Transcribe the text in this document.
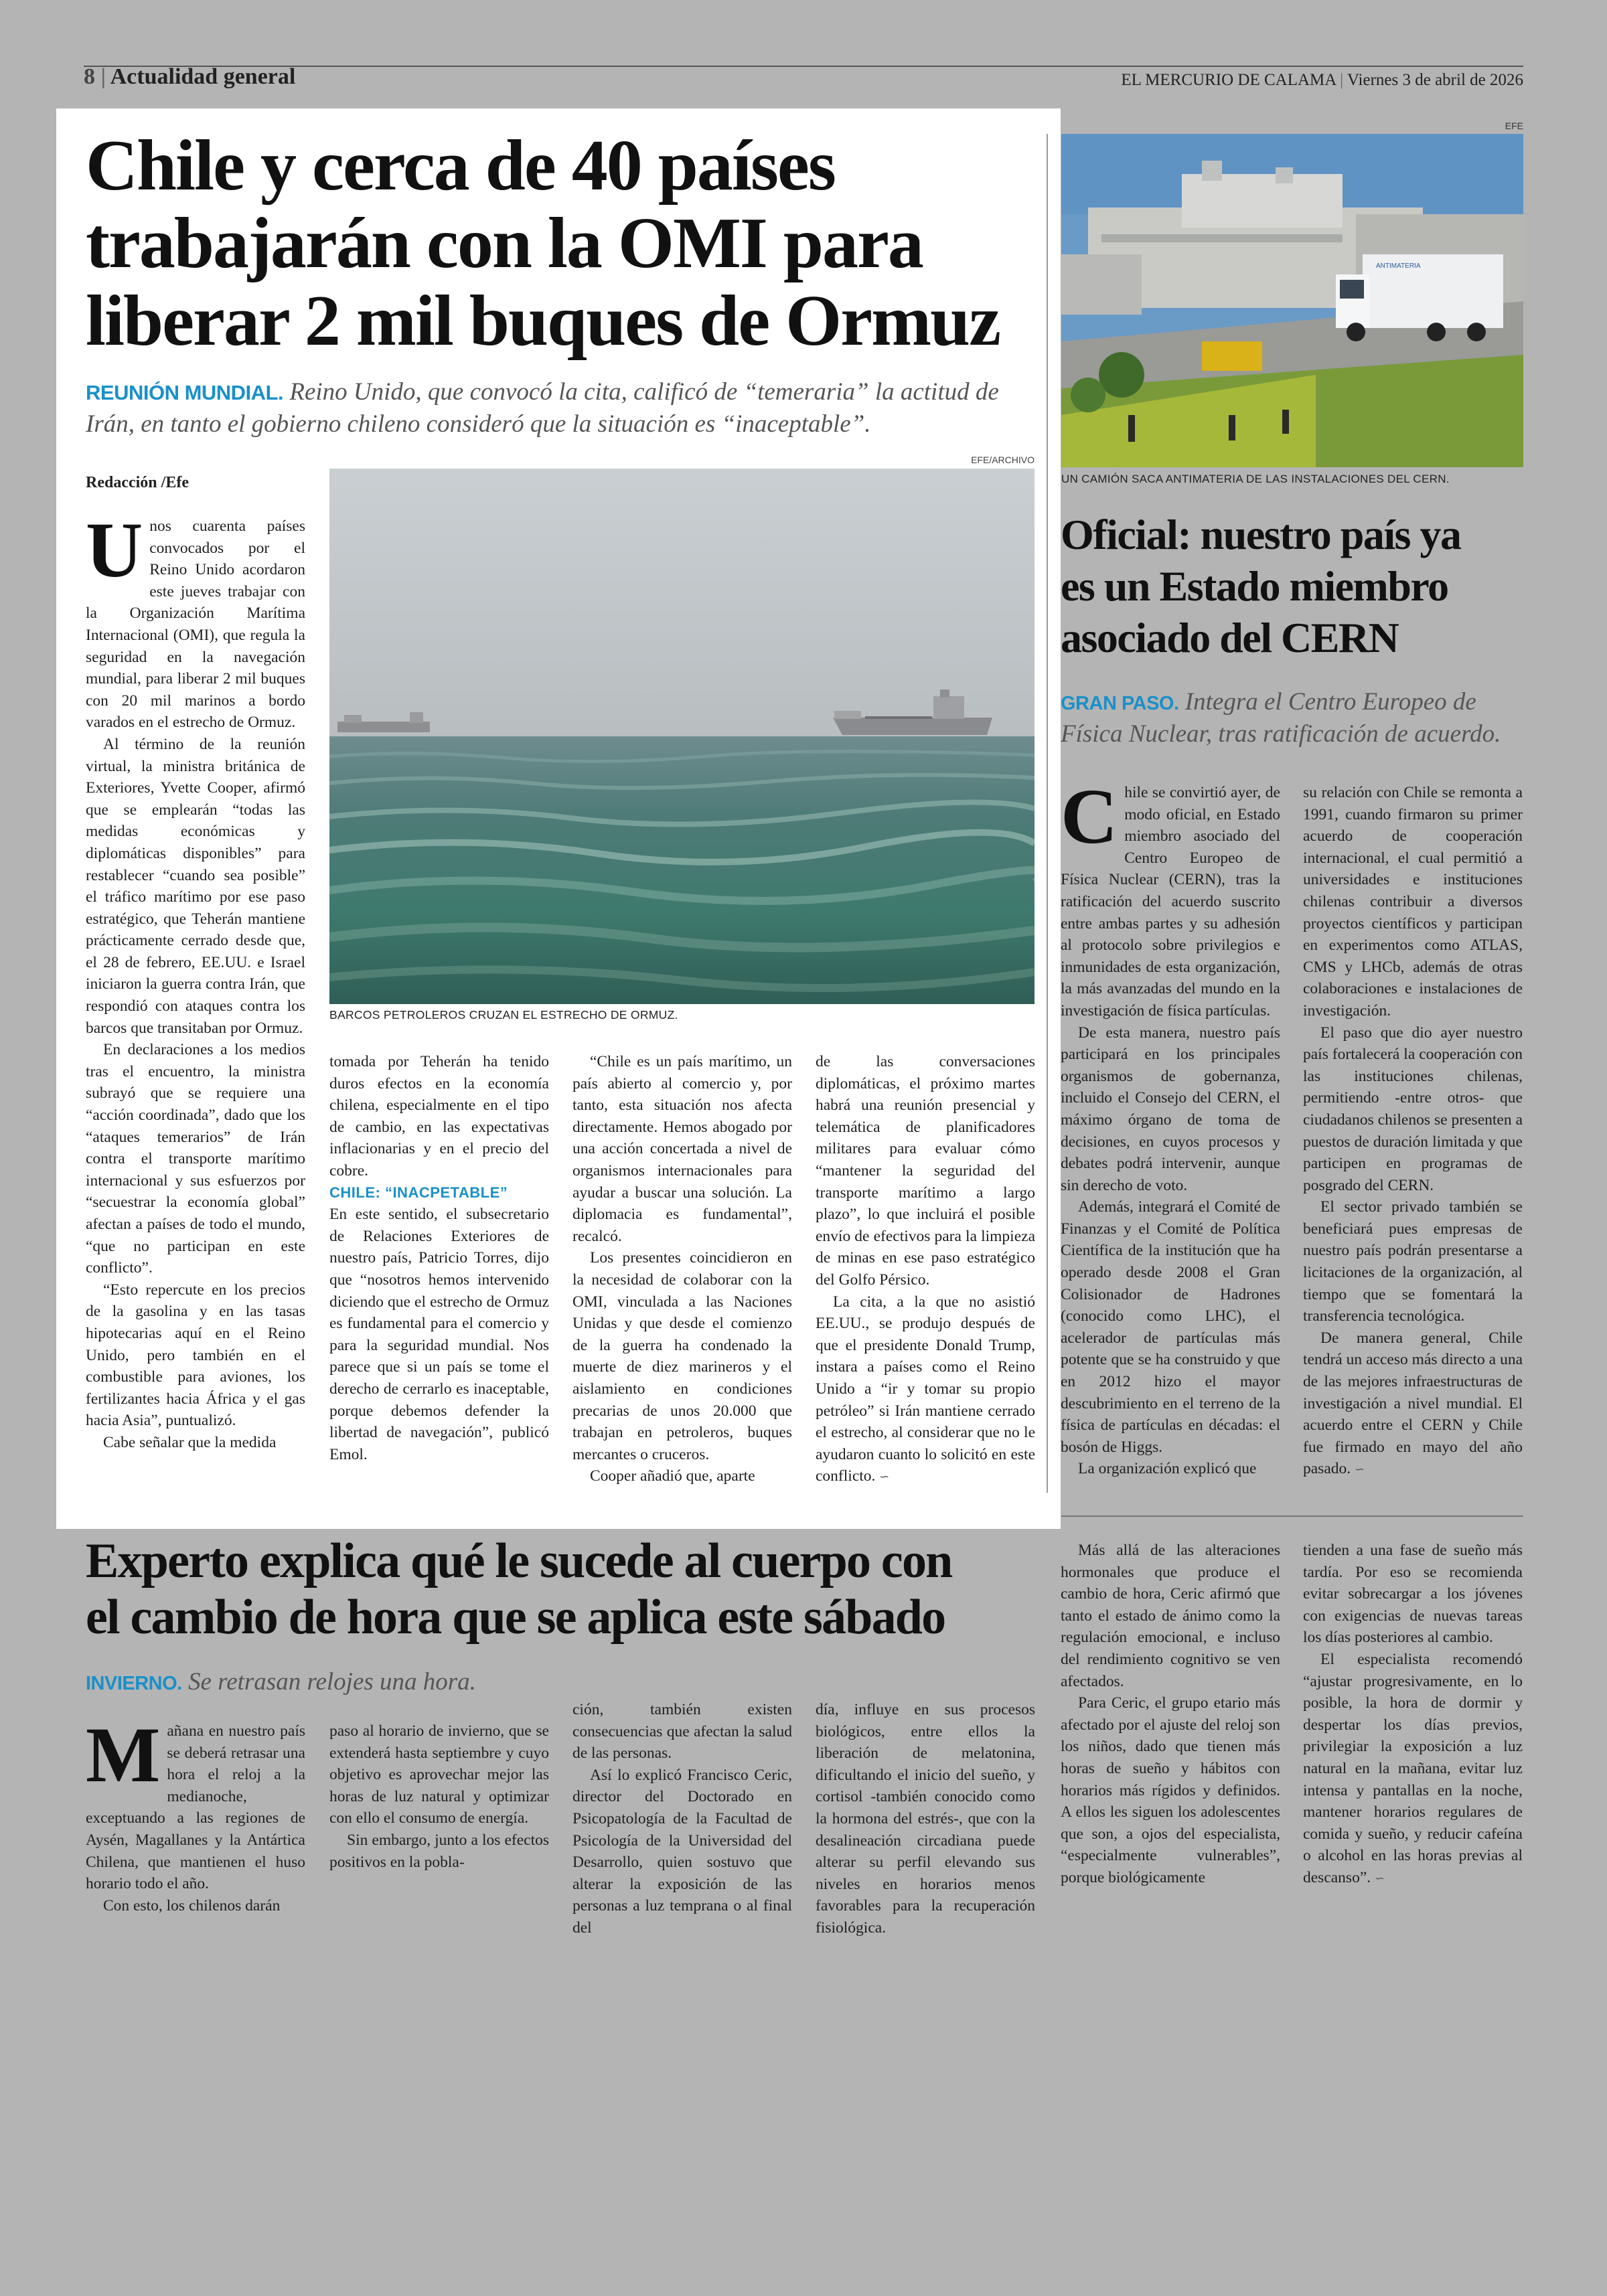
8 | Actualidad general	EL MERCURIO DE CALAMA | Viernes 3 de abril de 2026
Chile y cerca de 40 países
trabajarán con la OMI para
liberar 2 mil buques de Ormuz
REUNIÓN MUNDIAL. Reino Unido, que convocó la cita, calificó de “temeraria” la actitud de Irán, en tanto el gobierno chileno consideró que la situación es “inaceptable”.
Redacción /Efe
EFE/ARCHIVO
BARCOS PETROLEROS CRUZAN EL ESTRECHO DE ORMUZ.

Unos cuarenta países convocados por el Reino Unido acordaron este jueves trabajar con la Organización Marítima Internacional (OMI), que regula la seguridad en la navegación mundial, para liberar 2 mil buques con 20 mil marinos a bordo varados en el estrecho de Ormuz.

Al término de la reunión virtual, la ministra británica de Exteriores, Yvette Cooper, afirmó que se emplearán “todas las medidas económicas y diplomáticas disponibles” para restablecer “cuando sea posible” el tráfico marítimo por ese paso estratégico, que Teherán mantiene prácticamente cerrado desde que, el 28 de febrero, EE.UU. e Israel iniciaron la guerra contra Irán, que respondió con ataques contra los barcos que transitaban por Ormuz.

En declaraciones a los medios tras el encuentro, la ministra subrayó que se requiere una “acción coordinada”, dado que los “ataques temerarios” de Irán contra el transporte marítimo internacional y sus esfuerzos por “secuestrar la economía global” afectan a países de todo el mundo, “que no participan en este conflicto”.

“Esto repercute en los precios de la gasolina y en las tasas hipotecarias aquí en el Reino Unido, pero también en el combustible para aviones, los fertilizantes hacia África y el gas hacia Asia”, puntualizó.

Cabe señalar que la medida

tomada por Teherán ha tenido duros efectos en la economía chilena, especialmente en el tipo de cambio, en las expectativas inflacionarias y en el precio del cobre.

CHILE: “INACPETABLE”

En este sentido, el subsecretario de Relaciones Exteriores de nuestro país, Patricio Torres, dijo que “nosotros hemos intervenido diciendo que el estrecho de Ormuz es fundamental para el comercio y para la seguridad mundial. Nos parece que si un país se tome el derecho de cerrarlo es inaceptable, porque debemos defender la libertad de navegación”, publicó Emol.

“Chile es un país marítimo, un país abierto al comercio y, por tanto, esta situación nos afecta directamente. Hemos abogado por una acción concertada a nivel de organismos internacionales para ayudar a buscar una solución. La diplomacia es fundamental”, recalcó.

Los presentes coincidieron en la necesidad de colaborar con la OMI, vinculada a las Naciones Unidas y que desde el comienzo de la guerra ha condenado la muerte de diez marineros y el aislamiento en condiciones precarias de unos 20.000 que trabajan en petroleros, buques mercantes o cruceros.

Cooper añadió que, aparte

de las conversaciones diplomáticas, el próximo martes habrá una reunión presencial y telemática de planificadores militares para evaluar cómo “mantener la seguridad del transporte marítimo a largo plazo”, lo que incluirá el posible envío de efectivos para la limpieza de minas en ese paso estratégico del Golfo Pérsico.

La cita, a la que no asistió EE.UU., se produjo después de que el presidente Donald Trump, instara a países como el Reino Unido a “ir y tomar su propio petróleo” si Irán mantiene cerrado el estrecho, al considerar que no le ayudaron cuanto lo solicitó en este conflicto. ∽

EFE
ANTIMATERIA
UN CAMIÓN SACA ANTIMATERIA DE LAS INSTALACIONES DEL CERN.
Oficial: nuestro país ya
es un Estado miembro
asociado del CERN
GRAN PASO. Integra el Centro Europeo de Física Nuclear, tras ratificación de acuerdo.

Chile se convirtió ayer, de modo oficial, en Estado miembro asociado del Centro Europeo de Física Nuclear (CERN), tras la ratificación del acuerdo suscrito entre ambas partes y su adhesión al protocolo sobre privilegios e inmunidades de esta organización, la más avanzadas del mundo en la investigación de física partículas.

De esta manera, nuestro país participará en los principales organismos de gobernanza, incluido el Consejo del CERN, el máximo órgano de toma de decisiones, en cuyos procesos y debates podrá intervenir, aunque sin derecho de voto.

Además, integrará el Comité de Finanzas y el Comité de Política Científica de la institución que ha operado desde 2008 el Gran Colisionador de Hadrones (conocido como LHC), el acelerador de partículas más potente que se ha construido y que en 2012 hizo el mayor descubrimiento en el terreno de la física de partículas en décadas: el bosón de Higgs.

La organización explicó que

su relación con Chile se remonta a 1991, cuando firmaron su primer acuerdo de cooperación internacional, el cual permitió a universidades e instituciones chilenas contribuir a diversos proyectos científicos y participan en experimentos como ATLAS, CMS y LHCb, además de otras colaboraciones e instalaciones de investigación.

El paso que dio ayer nuestro país fortalecerá la cooperación con las instituciones chilenas, permitiendo -entre otros- que ciudadanos chilenos se presenten a puestos de duración limitada y que participen en programas de posgrado del CERN.

El sector privado también se beneficiará pues empresas de nuestro país podrán presentarse a licitaciones de la organización, al tiempo que se fomentará la transferencia tecnológica.

De manera general, Chile tendrá un acceso más directo a una de las mejores infraestructuras de investigación a nivel mundial. El acuerdo entre el CERN y Chile fue firmado en mayo del año pasado. ∽

Experto explica qué le sucede al cuerpo con
el cambio de hora que se aplica este sábado
INVIERNO. Se retrasan relojes una hora.

Mañana en nuestro país se deberá retrasar una hora el reloj a la medianoche, exceptuando a las regiones de Aysén, Magallanes y la Antártica Chilena, que mantienen el huso horario todo el año.

Con esto, los chilenos darán

paso al horario de invierno, que se extenderá hasta septiembre y cuyo objetivo es aprovechar mejor las horas de luz natural y optimizar con ello el consumo de energía.

Sin embargo, junto a los efectos positivos en la pobla-

ción, también existen consecuencias que afectan la salud de las personas.

Así lo explicó Francisco Ceric, director del Doctorado en Psicopatología de la Facultad de Psicología de la Universidad del Desarrollo, quien sostuvo que alterar la exposición de las personas a luz temprana o al final del

día, influye en sus procesos biológicos, entre ellos la liberación de melatonina, dificultando el inicio del sueño, y cortisol -también conocido como la hormona del estrés-, que con la desalineación circadiana puede alterar su perfil elevando sus niveles en horarios menos favorables para la recuperación fisiológica.

Más allá de las alteraciones hormonales que produce el cambio de hora, Ceric afirmó que tanto el estado de ánimo como la regulación emocional, e incluso del rendimiento cognitivo se ven afectados.

Para Ceric, el grupo etario más afectado por el ajuste del reloj son los niños, dado que tienen más horas de sueño y hábitos con horarios más rígidos y definidos. A ellos les siguen los adolescentes que son, a ojos del especialista, “especialmente vulnerables”, porque biológicamente

tienden a una fase de sueño más tardía. Por eso se recomienda evitar sobrecargar a los jóvenes con exigencias de nuevas tareas los días posteriores al cambio.

El especialista recomendó “ajustar progresivamente, en lo posible, la hora de dormir y despertar los días previos, privilegiar la exposición a luz natural en la mañana, evitar luz intensa y pantallas en la noche, mantener horarios regulares de comida y sueño, y reducir cafeína o alcohol en las horas previas al descanso”. ∽
